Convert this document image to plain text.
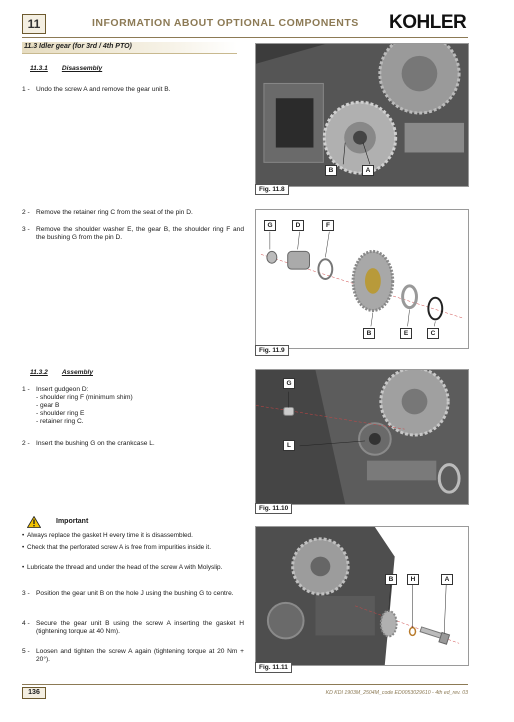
11	INFORMATION ABOUT OPTIONAL COMPONENTS KOHLER
11.3 Idler gear (for 3rd / 4th PTO)
11.3.1 Disassembly
1 - Undo the screw A and remove the gear unit B.
2 - Remove the retainer ring C from the seat of the pin D.
3 - Remove the shoulder washer E, the gear B, the shoulder ring F and the bushing G from the pin D.
11.3.2 Assembly
1 - Insert gudgeon D:
- shoulder ring F (minimum shim)
- gear B
- shoulder ring E
- retainer ring C.
2 - Insert the bushing G on the crankcase L.
Important
• Always replace the gasket H every time it is disassembled.
• Check that the perforated screw A is free from impurities inside it.
• Lubricate the thread and under the head of the screw A with Molyslip.
3 - Position the gear unit B on the hole J using the bushing G to centre.
4 - Secure the gear unit B using the screw A inserting the gasket H (tightening torque at 40 Nm).
5 - Loosen and tighten the screw A again (tightening torque at 20 Nm + 20°).
B	A
Fig. 11.8
G	D	F
B	E	C
Fig. 11.9
G
L
Fig. 11.10
B	H	A
Fig. 11.11
136	KD KDI 1903M_2504M_code ED0053029610 - 4th ed_rev. 03
